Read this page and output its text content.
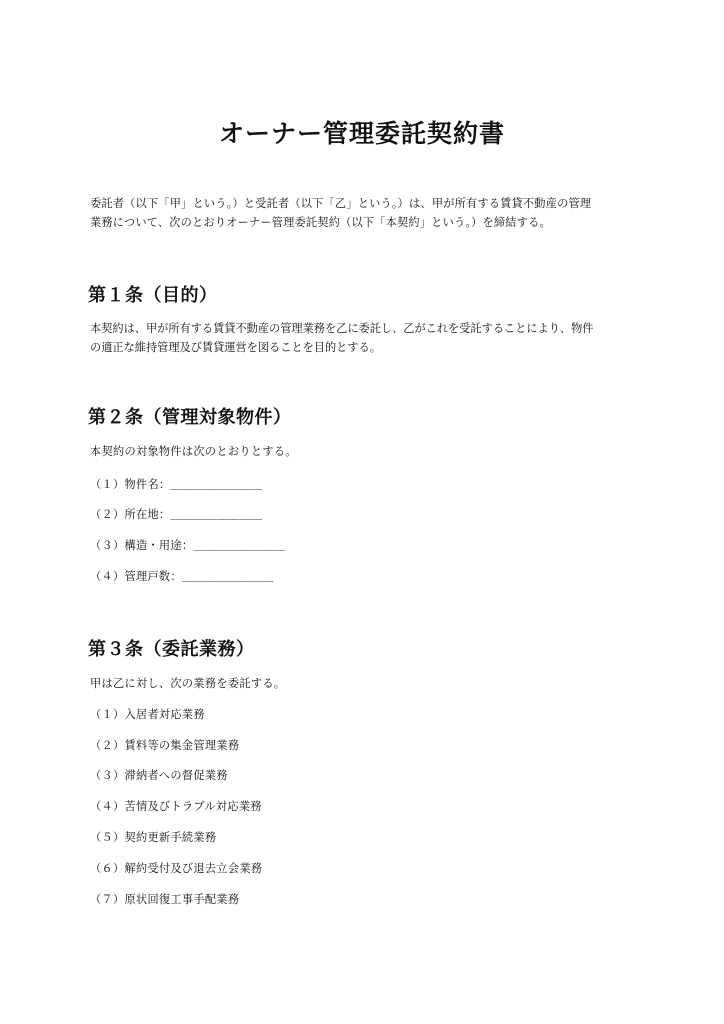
オーナー管理委託契約書

委託者（以下「甲」という。）と受託者（以下「乙」という。）は、甲が所有する賃貸不動産の管理
業務について、次のとおりオーナー管理委託契約（以下「本契約」という。）を締結する。

第１条（目的）

本契約は、甲が所有する賃貸不動産の管理業務を乙に委託し、乙がこれを受託することにより、物件
の適正な維持管理及び賃貸運営を図ることを目的とする。

第２条（管理対象物件）

本契約の対象物件は次のとおりとする。

（１）物件名：＿＿＿＿＿＿＿＿

（２）所在地：＿＿＿＿＿＿＿＿

（３）構造・用途：＿＿＿＿＿＿＿＿

（４）管理戸数：＿＿＿＿＿＿＿＿

第３条（委託業務）

甲は乙に対し、次の業務を委託する。

（１）入居者対応業務

（２）賃料等の集金管理業務

（３）滞納者への督促業務

（４）苦情及びトラブル対応業務

（５）契約更新手続業務

（６）解約受付及び退去立会業務

（７）原状回復工事手配業務
